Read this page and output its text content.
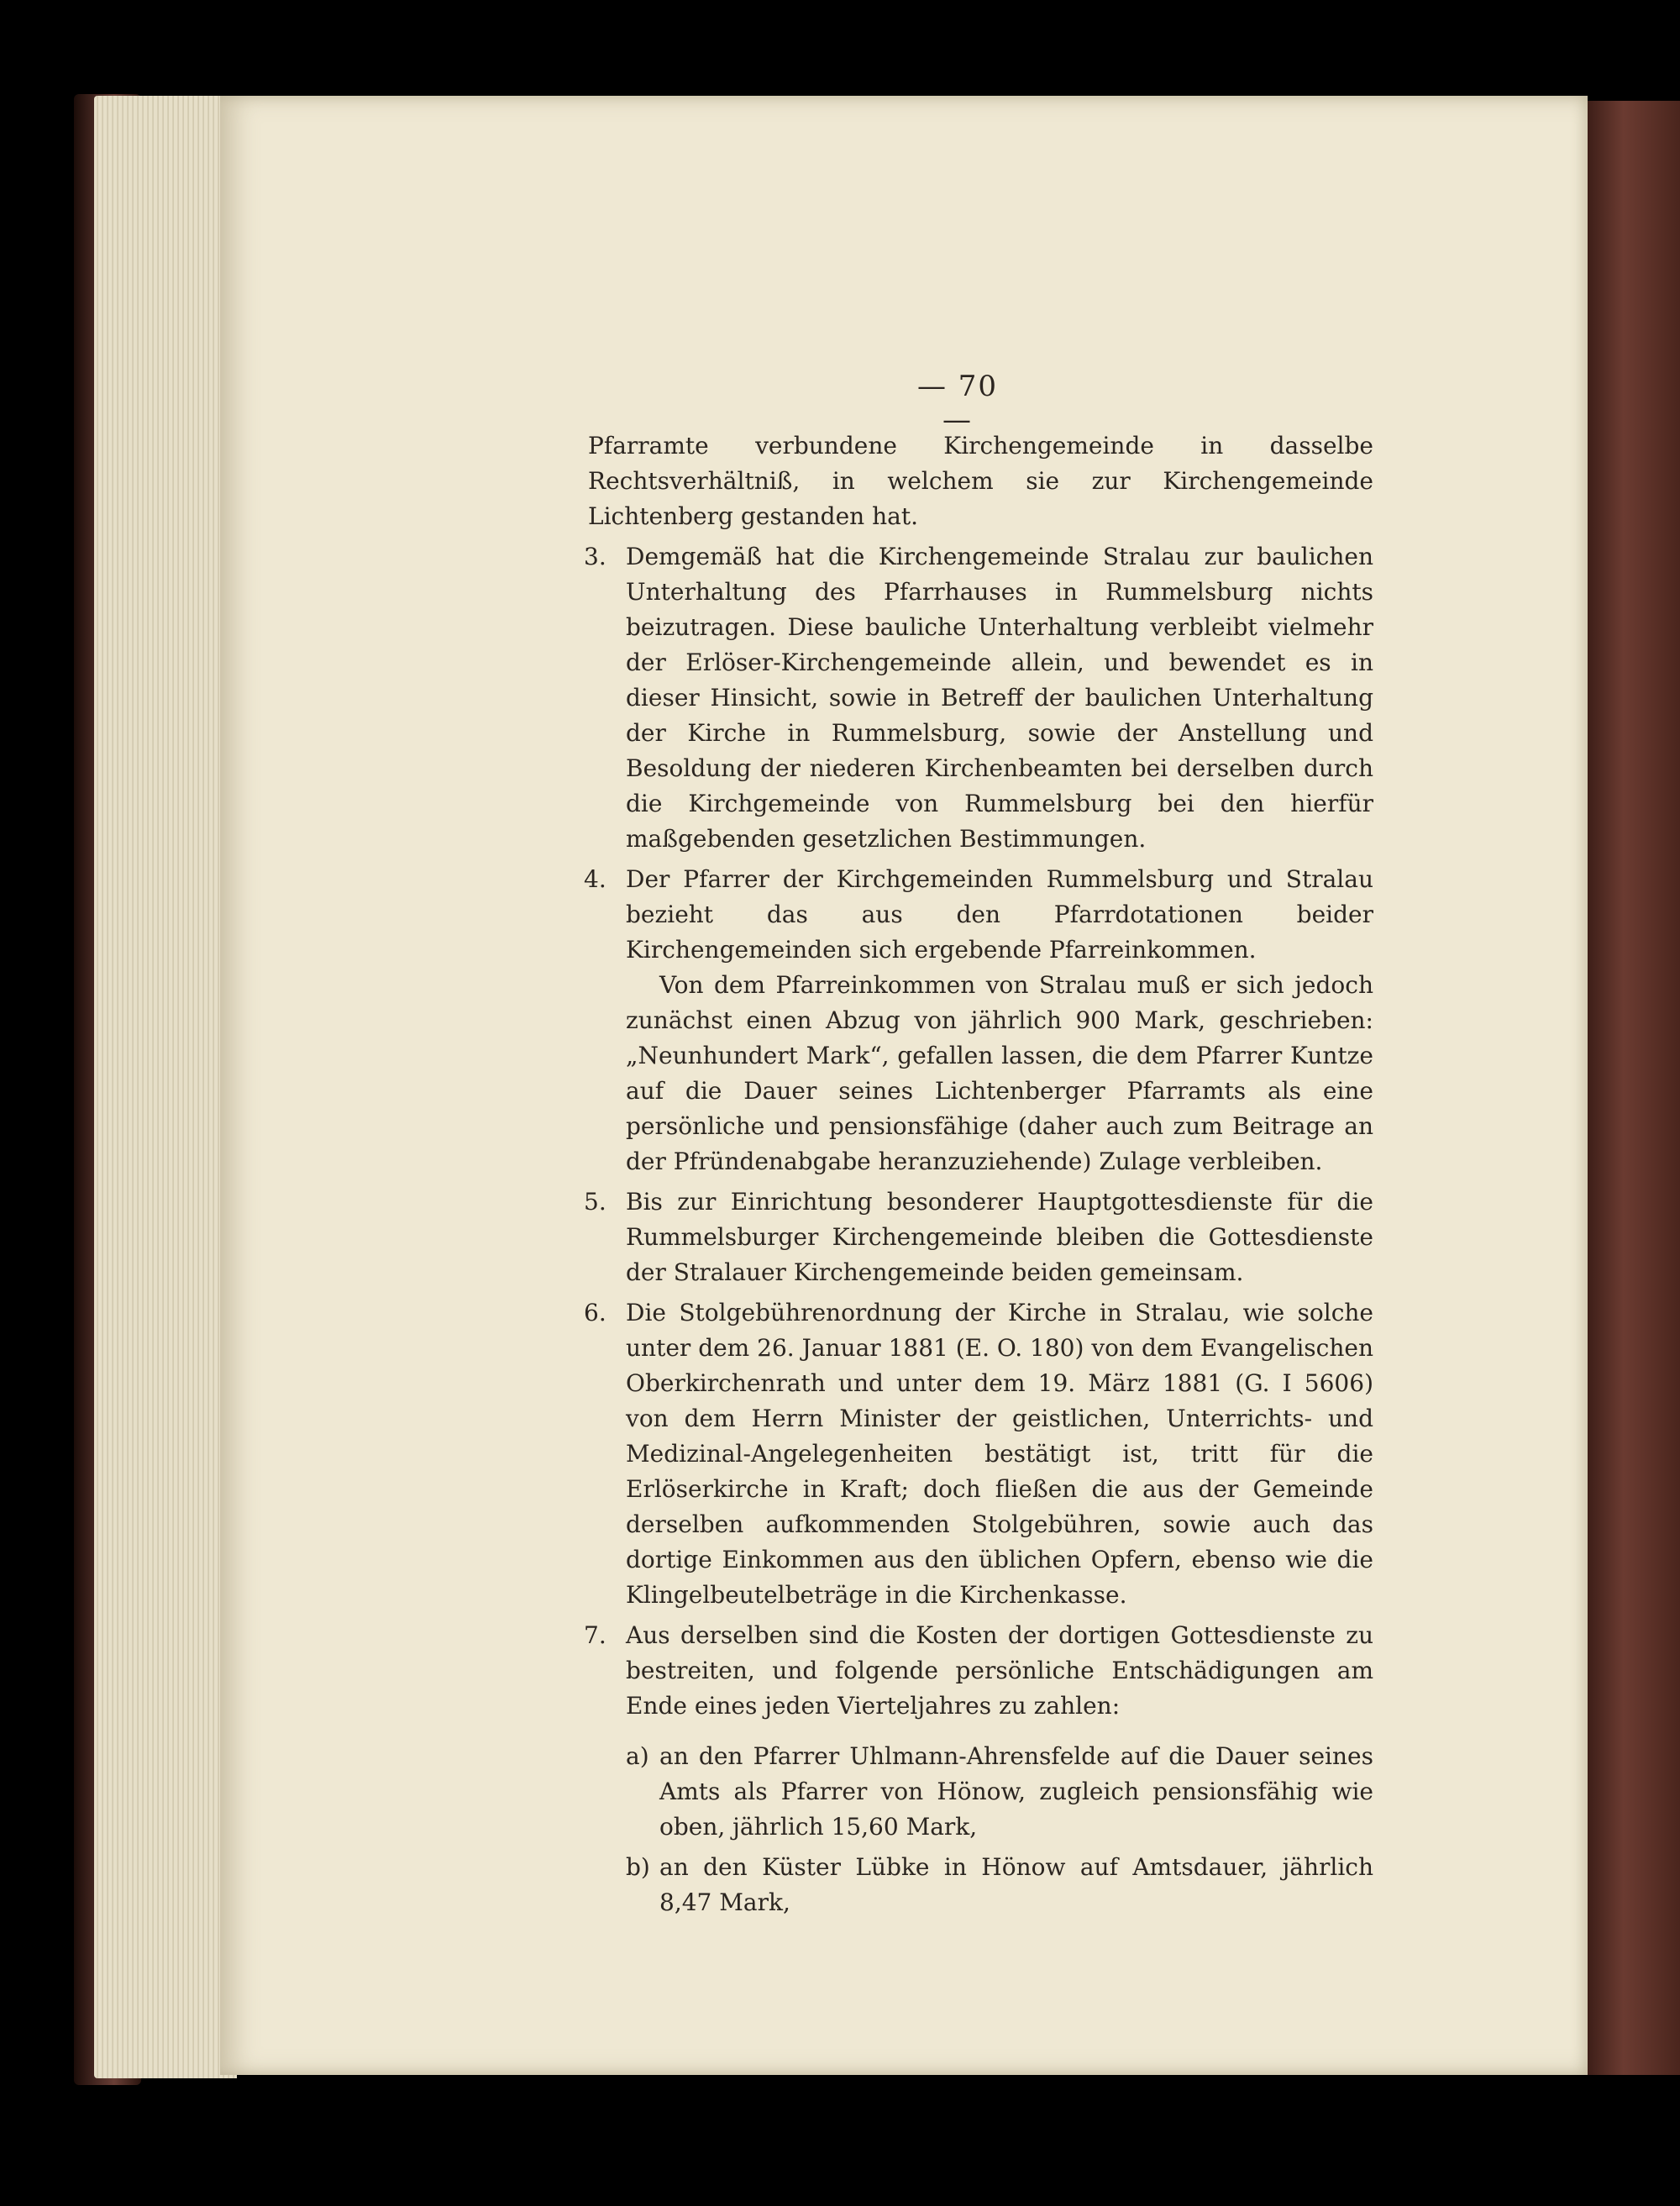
— 70 —

Pfarramte verbundene Kirchengemeinde in dasselbe Rechtsverhältniß, in welchem sie zur Kirchengemeinde Lichtenberg gestanden hat.

3. Demgemäß hat die Kirchengemeinde Stralau zur baulichen Unterhaltung des Pfarrhauses in Rummelsburg nichts beizutragen. Diese bauliche Unterhaltung verbleibt vielmehr der Erlöser-Kirchengemeinde allein, und bewendet es in dieser Hinsicht, sowie in Betreff der baulichen Unterhaltung der Kirche in Rummelsburg, sowie der Anstellung und Besoldung der niederen Kirchenbeamten bei derselben durch die Kirchgemeinde von Rummelsburg bei den hierfür maßgebenden gesetzlichen Bestimmungen.
4. Der Pfarrer der Kirchgemeinden Rummelsburg und Stralau bezieht das aus den Pfarrdotationen beider Kirchengemeinden sich ergebende Pfarreinkommen.
Von dem Pfarreinkommen von Stralau muß er sich jedoch zunächst einen Abzug von jährlich 900 Mark, geschrieben: „Neunhundert Mark“, gefallen lassen, die dem Pfarrer Kuntze auf die Dauer seines Lichtenberger Pfarramts als eine persönliche und pensionsfähige (daher auch zum Beitrage an der Pfründenabgabe heranzuziehende) Zulage verbleiben.
5. Bis zur Einrichtung besonderer Hauptgottesdienste für die Rummelsburger Kirchengemeinde bleiben die Gottesdienste der Stralauer Kirchengemeinde beiden gemeinsam.
6. Die Stolgebührenordnung der Kirche in Stralau, wie solche unter dem 26. Januar 1881 (E. O. 180) von dem Evangelischen Oberkirchenrath und unter dem 19. März 1881 (G. I 5606) von dem Herrn Minister der geistlichen, Unterrichts- und Medizinal-Angelegenheiten bestätigt ist, tritt für die Erlöserkirche in Kraft; doch fließen die aus der Gemeinde derselben aufkommenden Stolgebühren, sowie auch das dortige Einkommen aus den üblichen Opfern, ebenso wie die Klingelbeutelbeträge in die Kirchenkasse.
7. Aus derselben sind die Kosten der dortigen Gottesdienste zu bestreiten, und folgende persönliche Entschädigungen am Ende eines jeden Vierteljahres zu zahlen:
a) an den Pfarrer Uhlmann-Ahrensfelde auf die Dauer seines Amts als Pfarrer von Hönow, zugleich pensionsfähig wie oben, jährlich 15,60 Mark,
b) an den Küster Lübke in Hönow auf Amtsdauer, jährlich 8,47 Mark,
